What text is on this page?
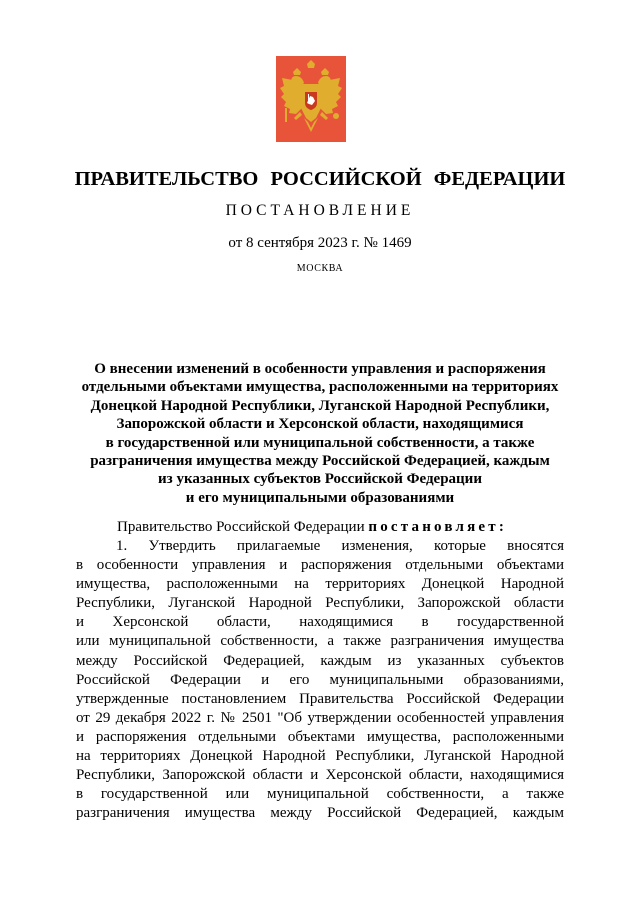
ПРАВИТЕЛЬСТВО РОССИЙСКОЙ ФЕДЕРАЦИИ
ПОСТАНОВЛЕНИЕ
от 8 сентября 2023 г. № 1469
МОСКВА
О внесении изменений в особенности управления и распоряжения
отдельными объектами имущества, расположенными на территориях
Донецкой Народной Республики, Луганской Народной Республики,
Запорожской области и Херсонской области, находящимися
в государственной или муниципальной собственности, а также
разграничения имущества между Российской Федерацией, каждым
из указанных субъектов Российской Федерации
и его муниципальными образованиями
Правительство Российской Федерации постановляет:
1. Утвердить прилагаемые изменения, которые вносятся
в особенности управления и распоряжения отдельными объектами
имущества, расположенными на территориях Донецкой Народной
Республики, Луганской Народной Республики, Запорожской области
и Херсонской области, находящимися в государственной
или муниципальной собственности, а также разграничения имущества
между Российской Федерацией, каждым из указанных субъектов
Российской Федерации и его муниципальными образованиями,
утвержденные постановлением Правительства Российской Федерации
от 29 декабря 2022 г. № 2501 "Об утверждении особенностей управления
и распоряжения отдельными объектами имущества, расположенными
на территориях Донецкой Народной Республики, Луганской Народной
Республики, Запорожской области и Херсонской области, находящимися
в государственной или муниципальной собственности, а также
разграничения имущества между Российской Федерацией, каждым
